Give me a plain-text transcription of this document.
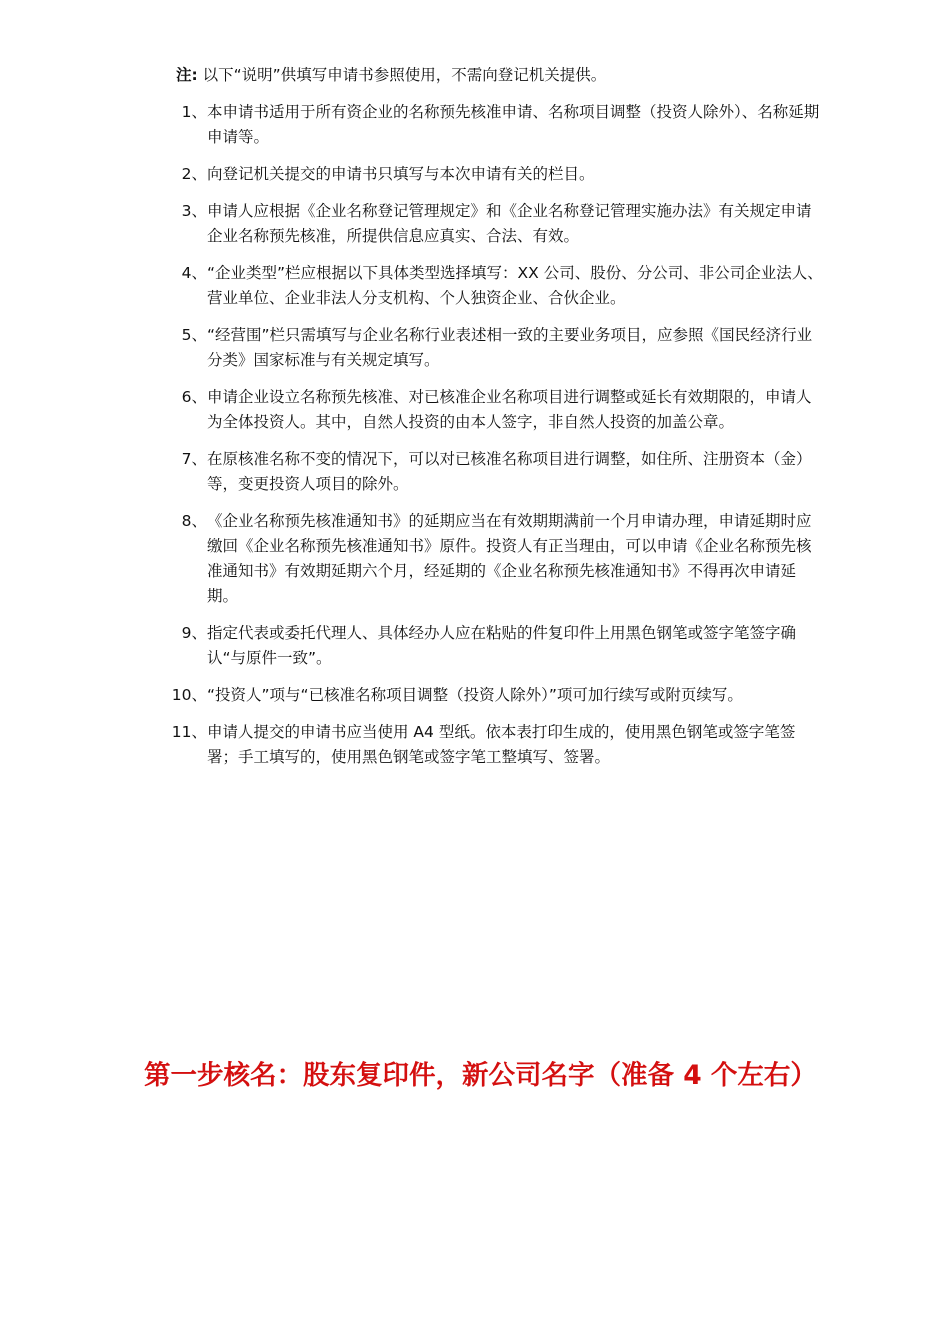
注: 以下“说明”供填写申请书参照使用，不需向登记机关提供。
1、 本申请书适用于所有资企业的名称预先核准申请、名称项目调整（投资人除外）、名称延期申请等。
2、 向登记机关提交的申请书只填写与本次申请有关的栏目。
3、 申请人应根据《企业名称登记管理规定》和《企业名称登记管理实施办法》有关规定申请企业名称预先核准，所提供信息应真实、合法、有效。
4、 “企业类型”栏应根据以下具体类型选择填写：XX 公司、股份、分公司、非公司企业法人、营业单位、企业非法人分支机构、个人独资企业、合伙企业。
5、 “经营围”栏只需填写与企业名称行业表述相一致的主要业务项目，应参照《国民经济行业分类》国家标准与有关规定填写。
6、 申请企业设立名称预先核准、对已核准企业名称项目进行调整或延长有效期限的，申请人为全体投资人。其中，自然人投资的由本人签字，非自然人投资的加盖公章。
7、 在原核准名称不变的情况下，可以对已核准名称项目进行调整，如住所、注册资本（金）等，变更投资人项目的除外。
8、 《企业名称预先核准通知书》的延期应当在有效期期满前一个月申请办理，申请延期时应缴回《企业名称预先核准通知书》原件。投资人有正当理由，可以申请《企业名称预先核准通知书》有效期延期六个月，经延期的《企业名称预先核准通知书》不得再次申请延期。
9、 指定代表或委托代理人、具体经办人应在粘贴的件复印件上用黑色钢笔或签字笔签字确认“与原件一致”。
10、 “投资人”项与“已核准名称项目调整（投资人除外）”项可加行续写或附页续写。
11、 申请人提交的申请书应当使用 A4 型纸。依本表打印生成的，使用黑色钢笔或签字笔签署；手工填写的，使用黑色钢笔或签字笔工整填写、签署。
第一步核名：股东复印件，新公司名字（准备 4 个左右）
